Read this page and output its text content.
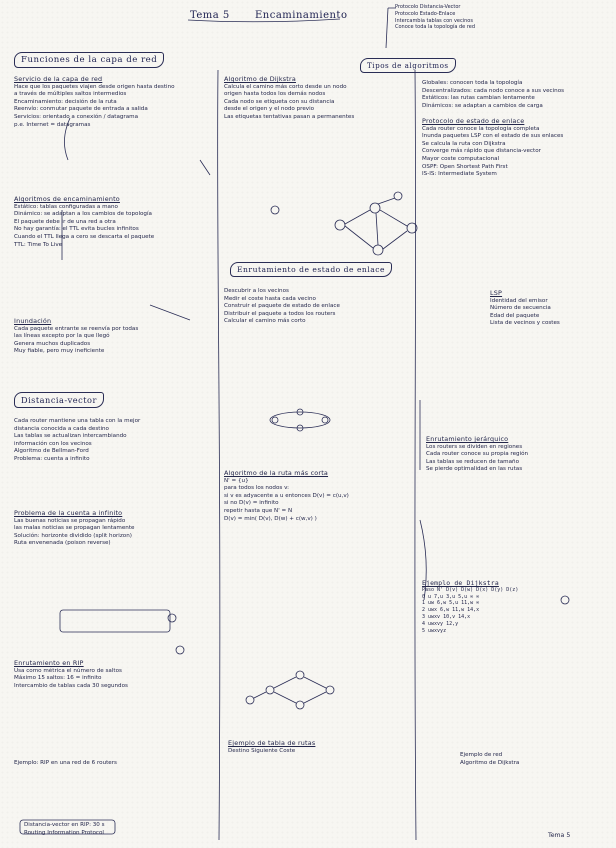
Tema 5	Encaminamiento
Protocolo Distancia-Vector
Protocolo Estado-Enlace
Intercambia tablas con vecinos
Conoce toda la topología de red
Funciones de la capa de red
Servicio de la capa de red
Hace que los paquetes viajen desde origen hasta destino
a través de múltiples saltos intermedios
Encaminamiento: decisión de la ruta
Reenvío: conmutar paquete de entrada a salida
Servicios: orientado a conexión / datagrama
p.e. Internet = datagramas
Algoritmos de encaminamiento
Estático: tablas configuradas a mano
Dinámico: se adaptan a los cambios de topología
El paquete debe ir de una red a otra
No hay garantía: el TTL evita bucles infinitos
Cuando el TTL llega a cero se descarta el paquete
TTL: Time To Live
Inundación
Cada paquete entrante se reenvía por todas
las líneas excepto por la que llegó
Genera muchos duplicados
Muy fiable, pero muy ineficiente
Distancia-vector
Cada router mantiene una tabla con la mejor
distancia conocida a cada destino
Las tablas se actualizan intercambiando
información con los vecinos
Algoritmo de Bellman-Ford
Problema: cuenta a infinito
Problema de la cuenta a infinito
Las buenas noticias se propagan rápido
las malas noticias se propagan lentamente
Solución: horizonte dividido (split horizon)
Ruta envenenada (poison reverse)
Enrutamiento en RIP
Usa como métrica el número de saltos
Máximo 15 saltos: 16 = infinito
Intercambio de tablas cada 30 segundos
Distancia-vector en RIP: 30 s
Routing Information Protocol
Algoritmo de Dijkstra
Calcula el camino más corto desde un nodo
origen hasta todos los demás nodos
Cada nodo se etiqueta con su distancia
desde el origen y el nodo previo
Las etiquetas tentativas pasan a permanentes
Enrutamiento de estado de enlace
Descubrir a los vecinos
Medir el coste hasta cada vecino
Construir el paquete de estado de enlace
Distribuir el paquete a todos los routers
Calcular el camino más corto
Algoritmo de la ruta más corta
N' = {u}
para todos los nodos v:
si v es adyacente a u entonces D(v) = c(u,v)
si no D(v) = infinito
repetir hasta que N' = N
D(v) = min( D(v), D(w) + c(w,v) )
Ejemplo de tabla de rutas
Destino Siguiente Coste
Tipos de algoritmos
Globales: conocen toda la topología
Descentralizados: cada nodo conoce a sus vecinos
Estáticos: las rutas cambian lentamente
Dinámicos: se adaptan a cambios de carga
Protocolo de estado de enlace
Cada router conoce la topología completa
Inunda paquetes LSP con el estado de sus enlaces
Se calcula la ruta con Dijkstra
Converge más rápido que distancia-vector
Mayor coste computacional
OSPF: Open Shortest Path First
IS-IS: Intermediate System
LSP
Identidad del emisor
Número de secuencia
Edad del paquete
Lista de vecinos y costes
Enrutamiento jerárquico
Los routers se dividen en regiones
Cada router conoce su propia región
Las tablas se reducen de tamaño
Se pierde optimalidad en las rutas
Ejemplo de Dijkstra
Paso N' D(v) D(w) D(x) D(y) D(z)
0 u 7,u 3,u 5,u ∞ ∞
1 uw 6,w 5,u 11,w ∞
2 uwx 6,w 11,w 14,x
3 uwxv 10,v 14,x
4 uwxvy 12,y
5 uwxvyz
Ejemplo de red
Algoritmo de Dijkstra
Ejemplo: RIP en una red de 6 routers
Tema 5
